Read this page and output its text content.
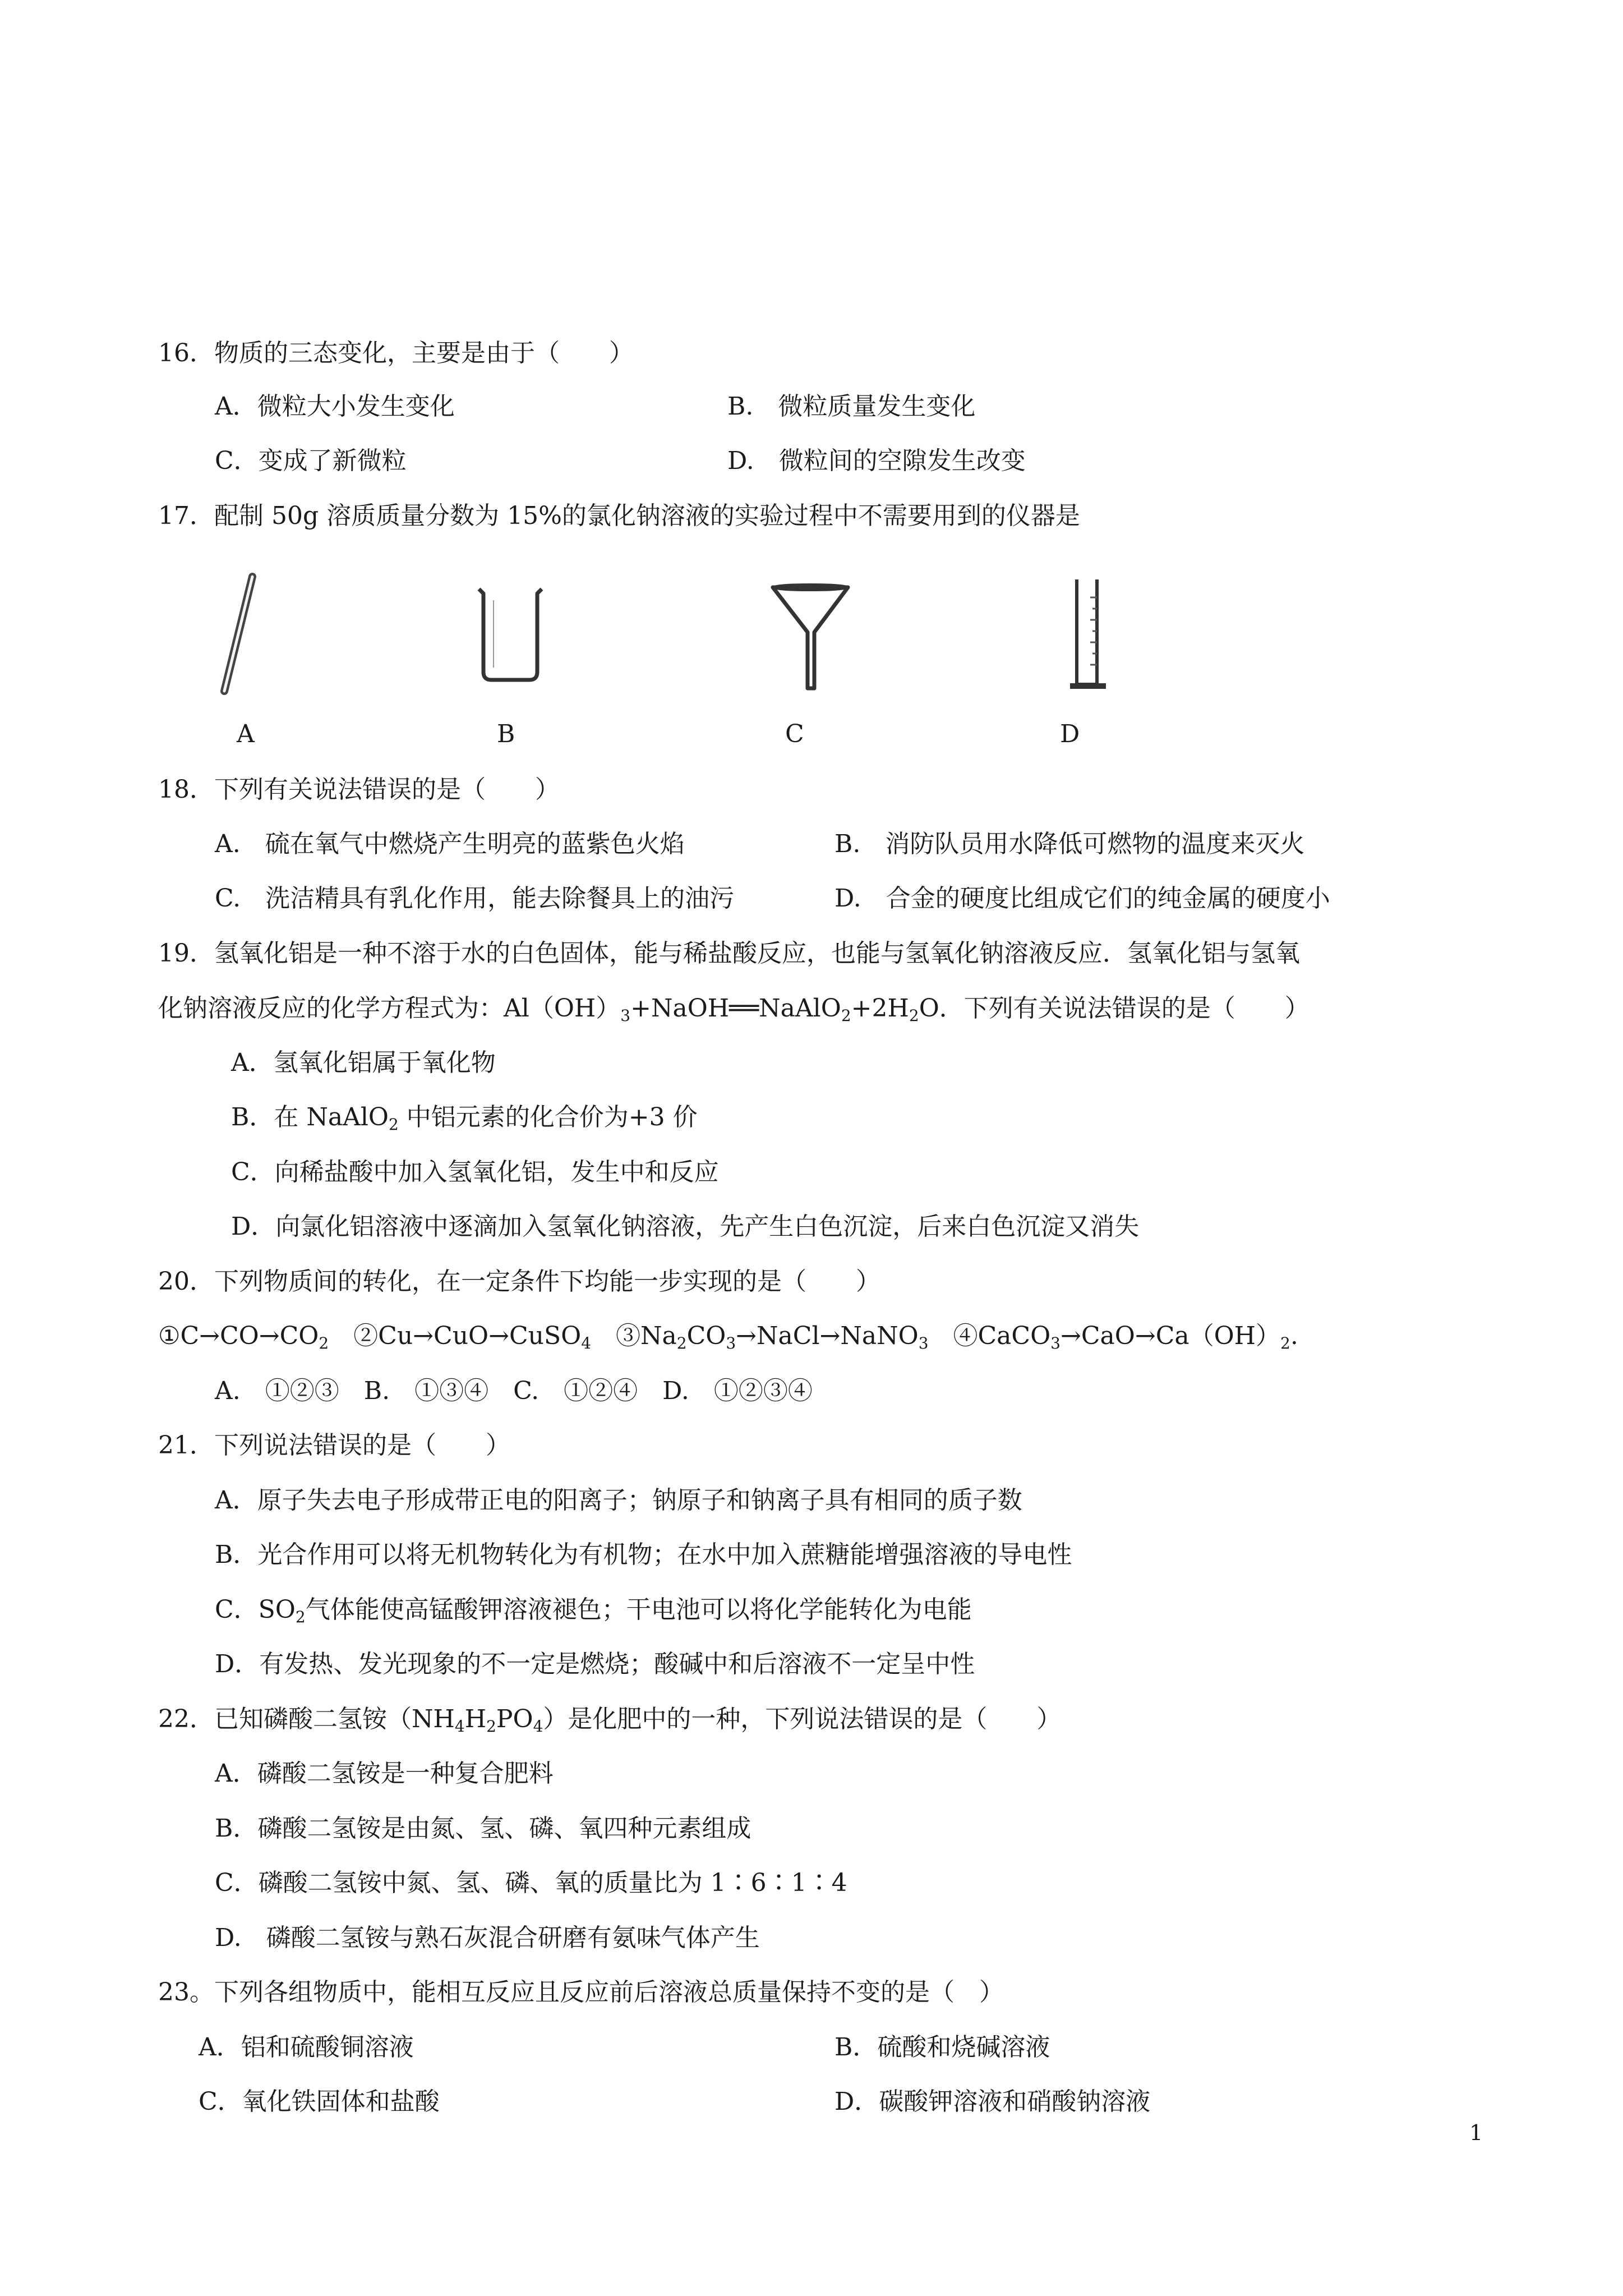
16．物质的三态变化，主要是由于（　　）
A．微粒大小发生变化	B.　微粒质量发生变化
C．变成了新微粒	D.　微粒间的空隙发生改变
17．配制 50g 溶质质量分数为 15%的氯化钠溶液的实验过程中不需要用到的仪器是
A	B	C	D
18．下列有关说法错误的是（　　）
A.　硫在氧气中燃烧产生明亮的蓝紫色火焰	B.　消防队员用水降低可燃物的温度来灭火
C.　洗洁精具有乳化作用，能去除餐具上的油污	D.　合金的硬度比组成它们的纯金属的硬度小
19．氢氧化铝是一种不溶于水的白色固体，能与稀盐酸反应，也能与氢氧化钠溶液反应．氢氧化铝与氢氧
化钠溶液反应的化学方程式为：$Al(OH)_3+NaOH══NaAlO_2+2H_2O$．下列有关说法错误的是（　　）
A．氢氧化铝属于氧化物
B．在 NaAlO$_2$ 中铝元素的化合价为+3 价
C．向稀盐酸中加入氢氧化铝，发生中和反应
D．向氯化铝溶液中逐滴加入氢氧化钠溶液，先产生白色沉淀，后来白色沉淀又消失
20．下列物质间的转化，在一定条件下均能一步实现的是（　　）
$①C\to CO\to CO_2$　 ②Cu→CuO→CuSO$_4$　 $③Na_2CO_3\to NaCl\to NaNO_3$　 $④CaCO_3\to CaO\to Ca(OH)_2$.
A.　①②③　B.　①③④　C.　①②④　D.　①②③④
21．下列说法错误的是（　　）
A．原子失去电子形成带正电的阳离子；钠原子和钠离子具有相同的质子数
B．光合作用可以将无机物转化为有机物；在水中加入蔗糖能增强溶液的导电性
C．$SO_2$气体能使高锰酸钾溶液褪色；干电池可以将化学能转化为电能
D．有发热、发光现象的不一定是燃烧；酸碱中和后溶液不一定呈中性
22．已知磷酸二氢铵$(NH_4H_2PO_4)$是化肥中的一种，下列说法错误的是（　　）
A．磷酸二氢铵是一种复合肥料
B．磷酸二氢铵是由氮、氢、磷、氧四种元素组成
C．磷酸二氢铵中氮、氢、磷、氧的质量比为 1∶6∶1∶4
D.　磷酸二氢铵与熟石灰混合研磨有氨味气体产生
23。下列各组物质中，能相互反应且反应前后溶液总质量保持不变的是（　）
A．铝和硫酸铜溶液	B．硫酸和烧碱溶液
C．氧化铁固体和盐酸	D．碳酸钾溶液和硝酸钠溶液
1
